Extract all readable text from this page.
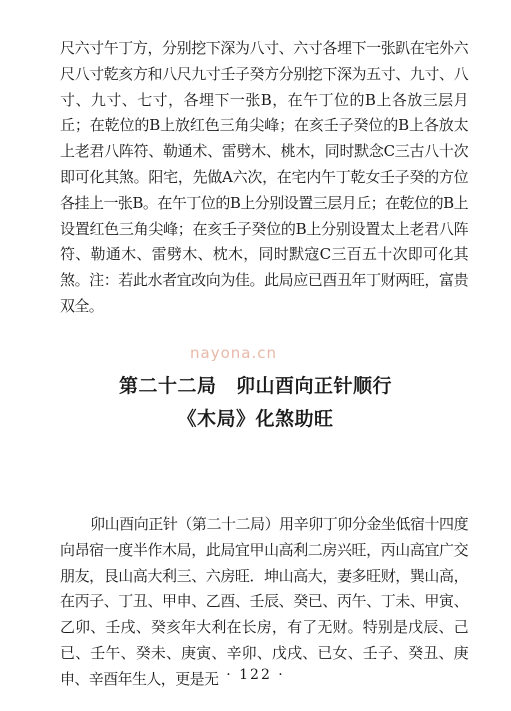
尺六寸午丁方，分别挖下深为八寸、六寸各埋下一张趴在宅外六尺八寸乾亥方和八尺九寸壬子癸方分别挖下深为五寸、九寸、八寸、九寸、七寸，各埋下一张B，在午丁位的B上各放三层月丘；在乾位的B上放红色三角尖峰；在亥壬子癸位的B上各放太上老君八阵符、勒通术、雷劈木、桃木，同时默念C三古八十次即可化其煞。阳宅，先做A六次，在宅内午丁乾女壬子癸的方位各挂上一张B。在午丁位的B上分别设置三层月丘；在乾位的B上设置红色三角尖峰；在亥壬子癸位的B上分别设置太上老君八阵符、勒通木、雷劈木、枕木，同时默寇C三百五十次即可化其煞。注：若此水者宜改向为佳。此局应已酉丑年丁财两旺，富贵双全。

nayona.cn
第二十二局　卯山酉向正针顺行
《木局》化煞助旺

卯山酉向正针（第二十二局）用辛卯丁卯分金坐低宿十四度向昂宿一度半作木局，此局宜甲山高利二房兴旺，丙山高宜广交朋友，艮山高大利三、六房旺．坤山高大，妻多旺财，巽山高，在丙子、丁丑、甲申、乙酉、壬辰、癸已、丙午、丁未、甲寅、乙卯、壬戌、癸亥年大利在长房，有了无财。特别是戊辰、己已、壬午、癸未、庚寅、辛卯、戊戌、已女、壬子、癸丑、庚申、辛酉年生人，更是无 · 122 ·
